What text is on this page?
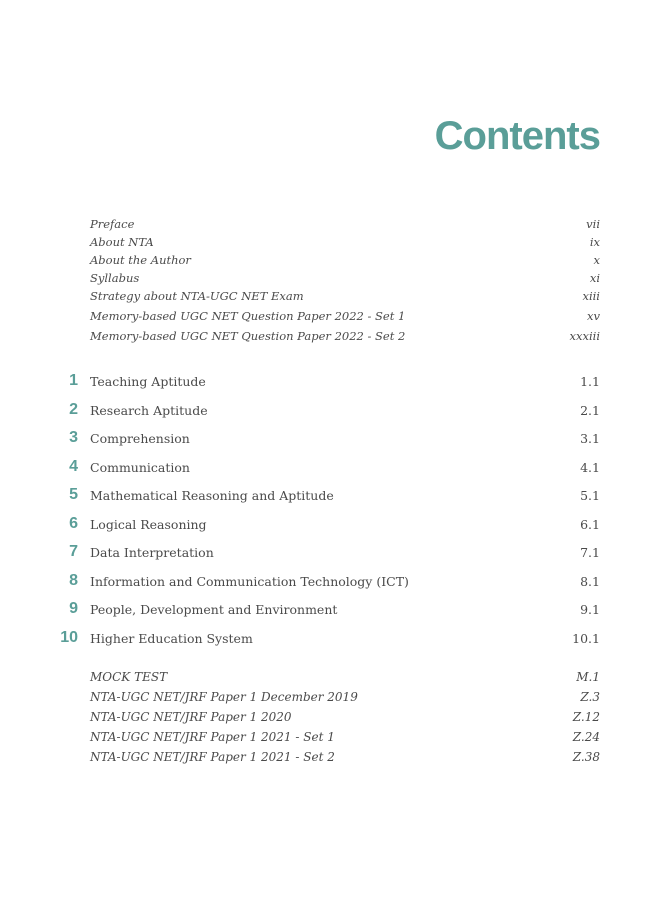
Contents
Preface	vii
About NTA	ix
About the Author	x
Syllabus	xi
Strategy about NTA-UGC NET Exam	xiii
Memory-based UGC NET Question Paper 2022 - Set 1	xv
Memory-based UGC NET Question Paper 2022 - Set 2	xxxiii
1 Teaching Aptitude	1.1
2 Research Aptitude	2.1
3 Comprehension	3.1
4 Communication	4.1
5 Mathematical Reasoning and Aptitude	5.1
6 Logical Reasoning	6.1
7 Data Interpretation	7.1
8 Information and Communication Technology (ICT)	8.1
9 People, Development and Environment	9.1
10 Higher Education System	10.1
MOCK TEST	M.1
NTA-UGC NET/JRF Paper 1 December 2019	Z.3
NTA-UGC NET/JRF Paper 1 2020	Z.12
NTA-UGC NET/JRF Paper 1 2021 - Set 1	Z.24
NTA-UGC NET/JRF Paper 1 2021 - Set 2	Z.38
